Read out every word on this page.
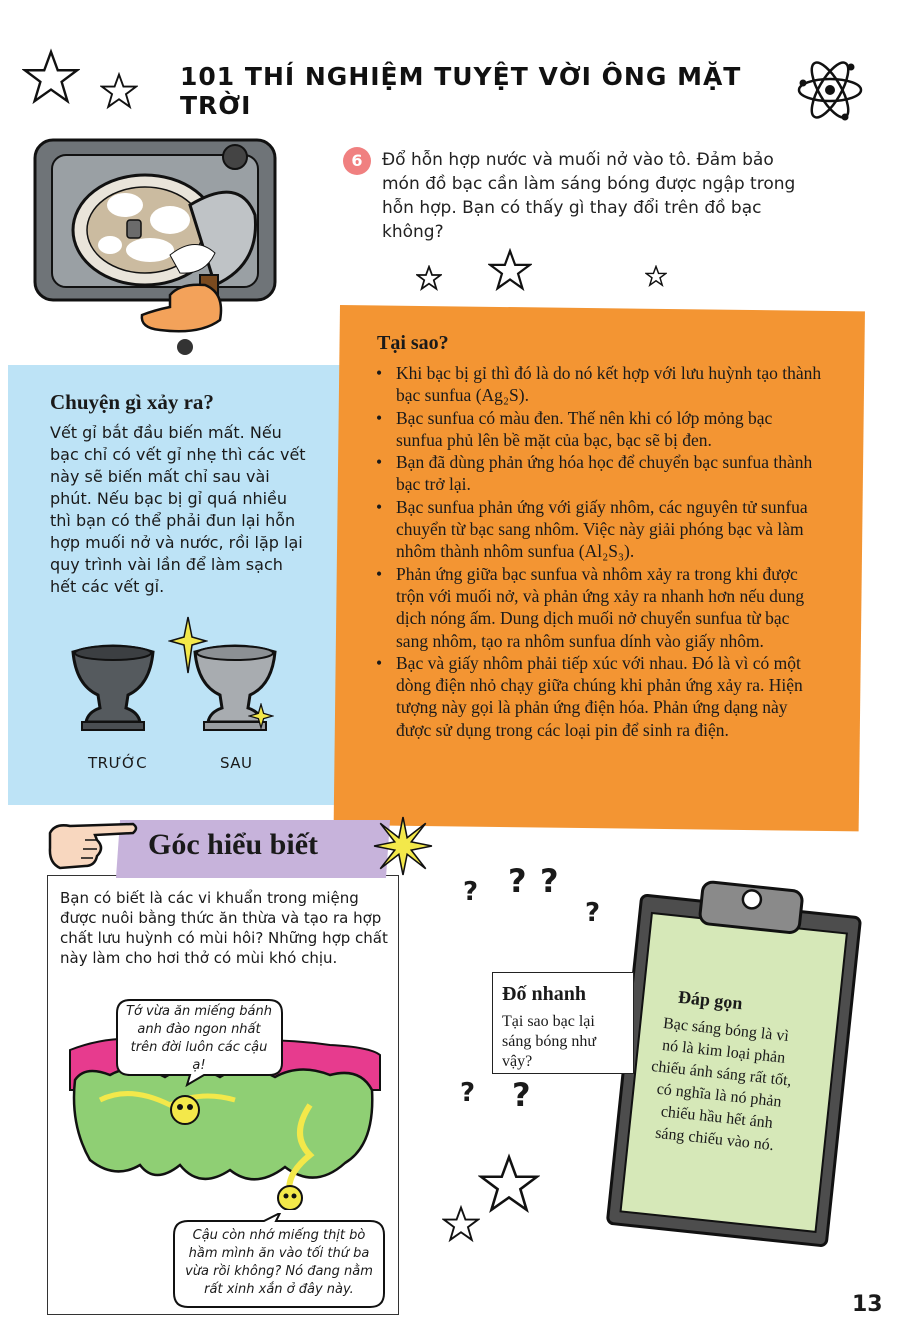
101 THÍ NGHIỆM TUYỆT VỜI ÔNG MẶT TRỜI
6	Đổ hỗn hợp nước và muối nở vào tô. Đảm bảo món đồ bạc cần làm sáng bóng được ngập trong hỗn hợp. Bạn có thấy gì thay đổi trên đồ bạc không?
Chuyện gì xảy ra?
Vết gỉ bắt đầu biến mất. Nếu bạc chỉ có vết gỉ nhẹ thì các vết này sẽ biến mất chỉ sau vài phút. Nếu bạc bị gỉ quá nhiều thì bạn có thể phải đun lại hỗn hợp muối nở và nước, rồi lặp lại quy trình vài lần để làm sạch hết các vết gỉ.
TRƯỚC	SAU
Tại sao?
• Khi bạc bị gỉ thì đó là do nó kết hợp với lưu huỳnh tạo thành bạc sunfua (Ag₂S).
• Bạc sunfua có màu đen. Thế nên khi có lớp mỏng bạc sunfua phủ lên bề mặt của bạc, bạc sẽ bị đen.
• Bạn đã dùng phản ứng hóa học để chuyển bạc sunfua thành bạc trở lại.
• Bạc sunfua phản ứng với giấy nhôm, các nguyên tử sunfua chuyển từ bạc sang nhôm. Việc này giải phóng bạc và làm nhôm thành nhôm sunfua (Al₂S₃).
• Phản ứng giữa bạc sunfua và nhôm xảy ra trong khi được trộn với muối nở, và phản ứng xảy ra nhanh hơn nếu dung dịch nóng ấm. Dung dịch muối nở chuyển sunfua từ bạc sang nhôm, tạo ra nhôm sunfua dính vào giấy nhôm.
• Bạc và giấy nhôm phải tiếp xúc với nhau. Đó là vì có một dòng điện nhỏ chạy giữa chúng khi phản ứng xảy ra. Hiện tượng này gọi là phản ứng điện hóa. Phản ứng dạng này được sử dụng trong các loại pin để sinh ra điện.
Góc hiểu biết
Bạn có biết là các vi khuẩn trong miệng được nuôi bằng thức ăn thừa và tạo ra hợp chất lưu huỳnh có mùi hôi? Những hợp chất này làm cho hơi thở có mùi khó chịu.
Tớ vừa ăn miếng bánh anh đào ngon nhất trên đời luôn các cậu ạ!
Cậu còn nhớ miếng thịt bò hầm mình ăn vào tối thứ ba vừa rồi không? Nó đang nằm rất xinh xắn ở đây này.
? ? ?
?
? ?
Đố nhanh
Tại sao bạc lại sáng bóng như vậy?
Đáp gọn
Bạc sáng bóng là vì nó là kim loại phản chiếu ánh sáng rất tốt, có nghĩa là nó phản chiếu hầu hết ánh sáng chiếu vào nó.
13
